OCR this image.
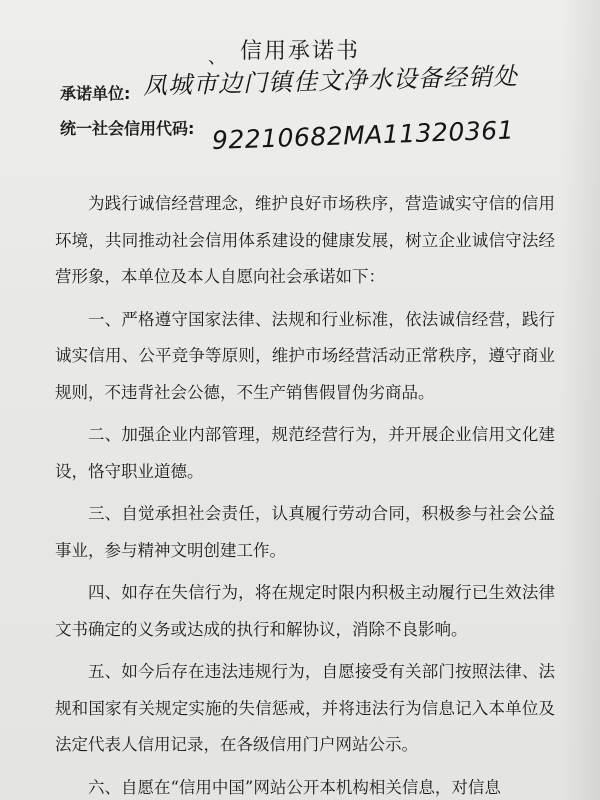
、 信用承诺书
承诺单位: 凤城市边门镇佳文净水设备经销处
统一社会信用代码: 92210682MA11320361

为践行诚信经营理念，维护良好市场秩序，营造诚实守信的信用环境，共同推动社会信用体系建设的健康发展，树立企业诚信守法经营形象，本单位及本人自愿向社会承诺如下：

一、严格遵守国家法律、法规和行业标准，依法诚信经营，践行诚实信用、公平竞争等原则，维护市场经营活动正常秩序，遵守商业规则，不违背社会公德，不生产销售假冒伪劣商品。

二、加强企业内部管理，规范经营行为，并开展企业信用文化建设，恪守职业道德。

三、自觉承担社会责任，认真履行劳动合同，积极参与社会公益事业，参与精神文明创建工作。

四、如存在失信行为，将在规定时限内积极主动履行已生效法律文书确定的义务或达成的执行和解协议，消除不良影响。

五、如今后存在违法违规行为，自愿接受有关部门按照法律、法规和国家有关规定实施的失信惩戒，并将违法行为信息记入本单位及法定代表人信用记录，在各级信用门户网站公示。

六、自愿在“信用中国”网站公开本机构相关信息，对信息
